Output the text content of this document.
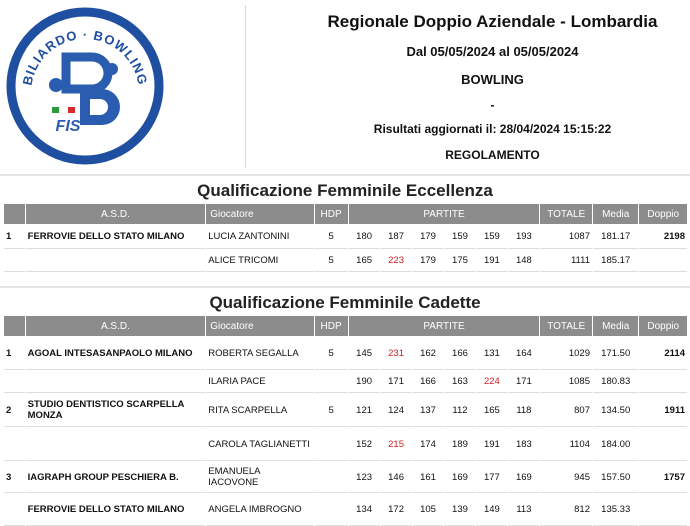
BILIARDO · BOWLING
FIS
Regionale Doppio Aziendale - Lombardia
Dal 05/05/2024 al 05/05/2024
BOWLING
-
Risultati aggiornati il: 28/04/2024 15:15:22
REGOLAMENTO
Qualificazione Femminile Eccellenza
	A.S.D.	Giocatore	HDP	PARTITE						TOTALE	Media	Doppio
1	FERROVIE DELLO STATO MILANO	LUCIA ZANTONINI	5	180	187	179	159	159	193	1087	181.17	2198
		ALICE TRICOMI	5	165	223	179	175	191	148	1111	185.17	
Qualificazione Femminile Cadette
	A.S.D.	Giocatore	HDP	PARTITE						TOTALE	Media	Doppio
1	AGOAL INTESASANPAOLO MILANO	ROBERTA SEGALLA	5	145	231	162	166	131	164	1029	171.50	2114
		ILARIA PACE		190	171	166	163	224	171	1085	180.83	
2	STUDIO DENTISTICO SCARPELLA MONZA	RITA SCARPELLA	5	121	124	137	112	165	118	807	134.50	1911
		CAROLA TAGLIANETTI		152	215	174	189	191	183	1104	184.00	
3	IAGRAPH GROUP PESCHIERA B.	EMANUELA IACOVONE		123	146	161	169	177	169	945	157.50	1757
	FERROVIE DELLO STATO MILANO	ANGELA IMBROGNO		134	172	105	139	149	113	812	135.33	
